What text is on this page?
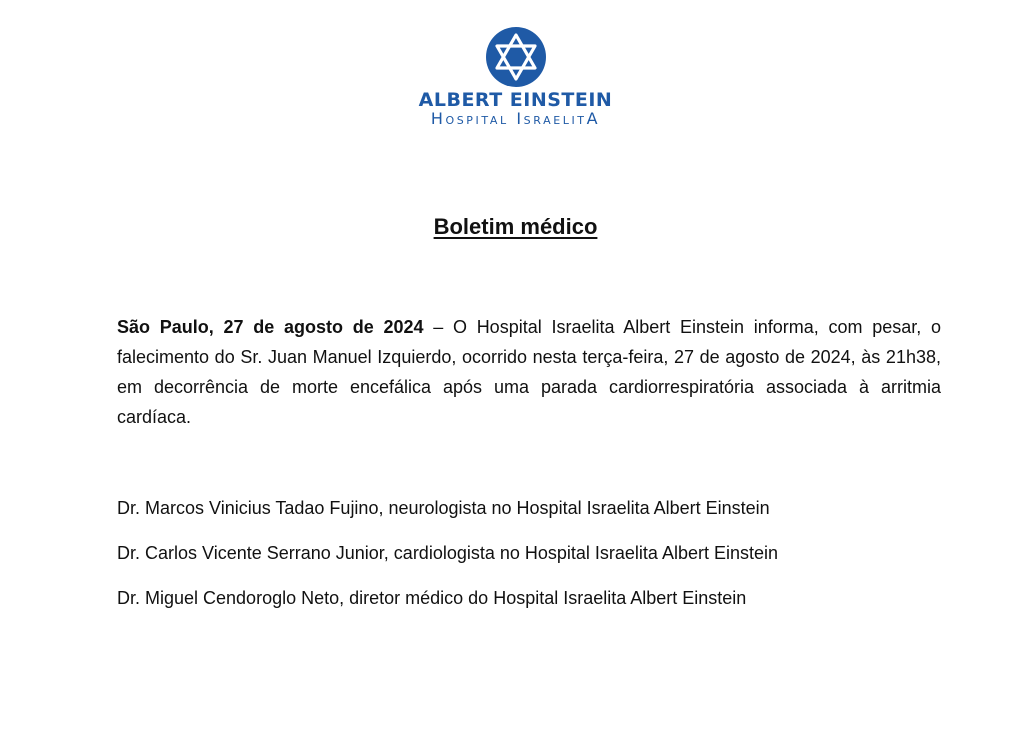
ALBERT EINSTEIN
Hospital IsraelitA
Boletim médico
São Paulo, 27 de agosto de 2024 – O Hospital Israelita Albert Einstein informa, com pesar, o falecimento do Sr. Juan Manuel Izquierdo, ocorrido nesta terça-feira, 27 de agosto de 2024, às 21h38, em decorrência de morte encefálica após uma parada cardiorrespiratória associada à arritmia cardíaca.
Dr. Marcos Vinicius Tadao Fujino, neurologista no Hospital Israelita Albert Einstein
Dr. Carlos Vicente Serrano Junior, cardiologista no Hospital Israelita Albert Einstein
Dr. Miguel Cendoroglo Neto, diretor médico do Hospital Israelita Albert Einstein
